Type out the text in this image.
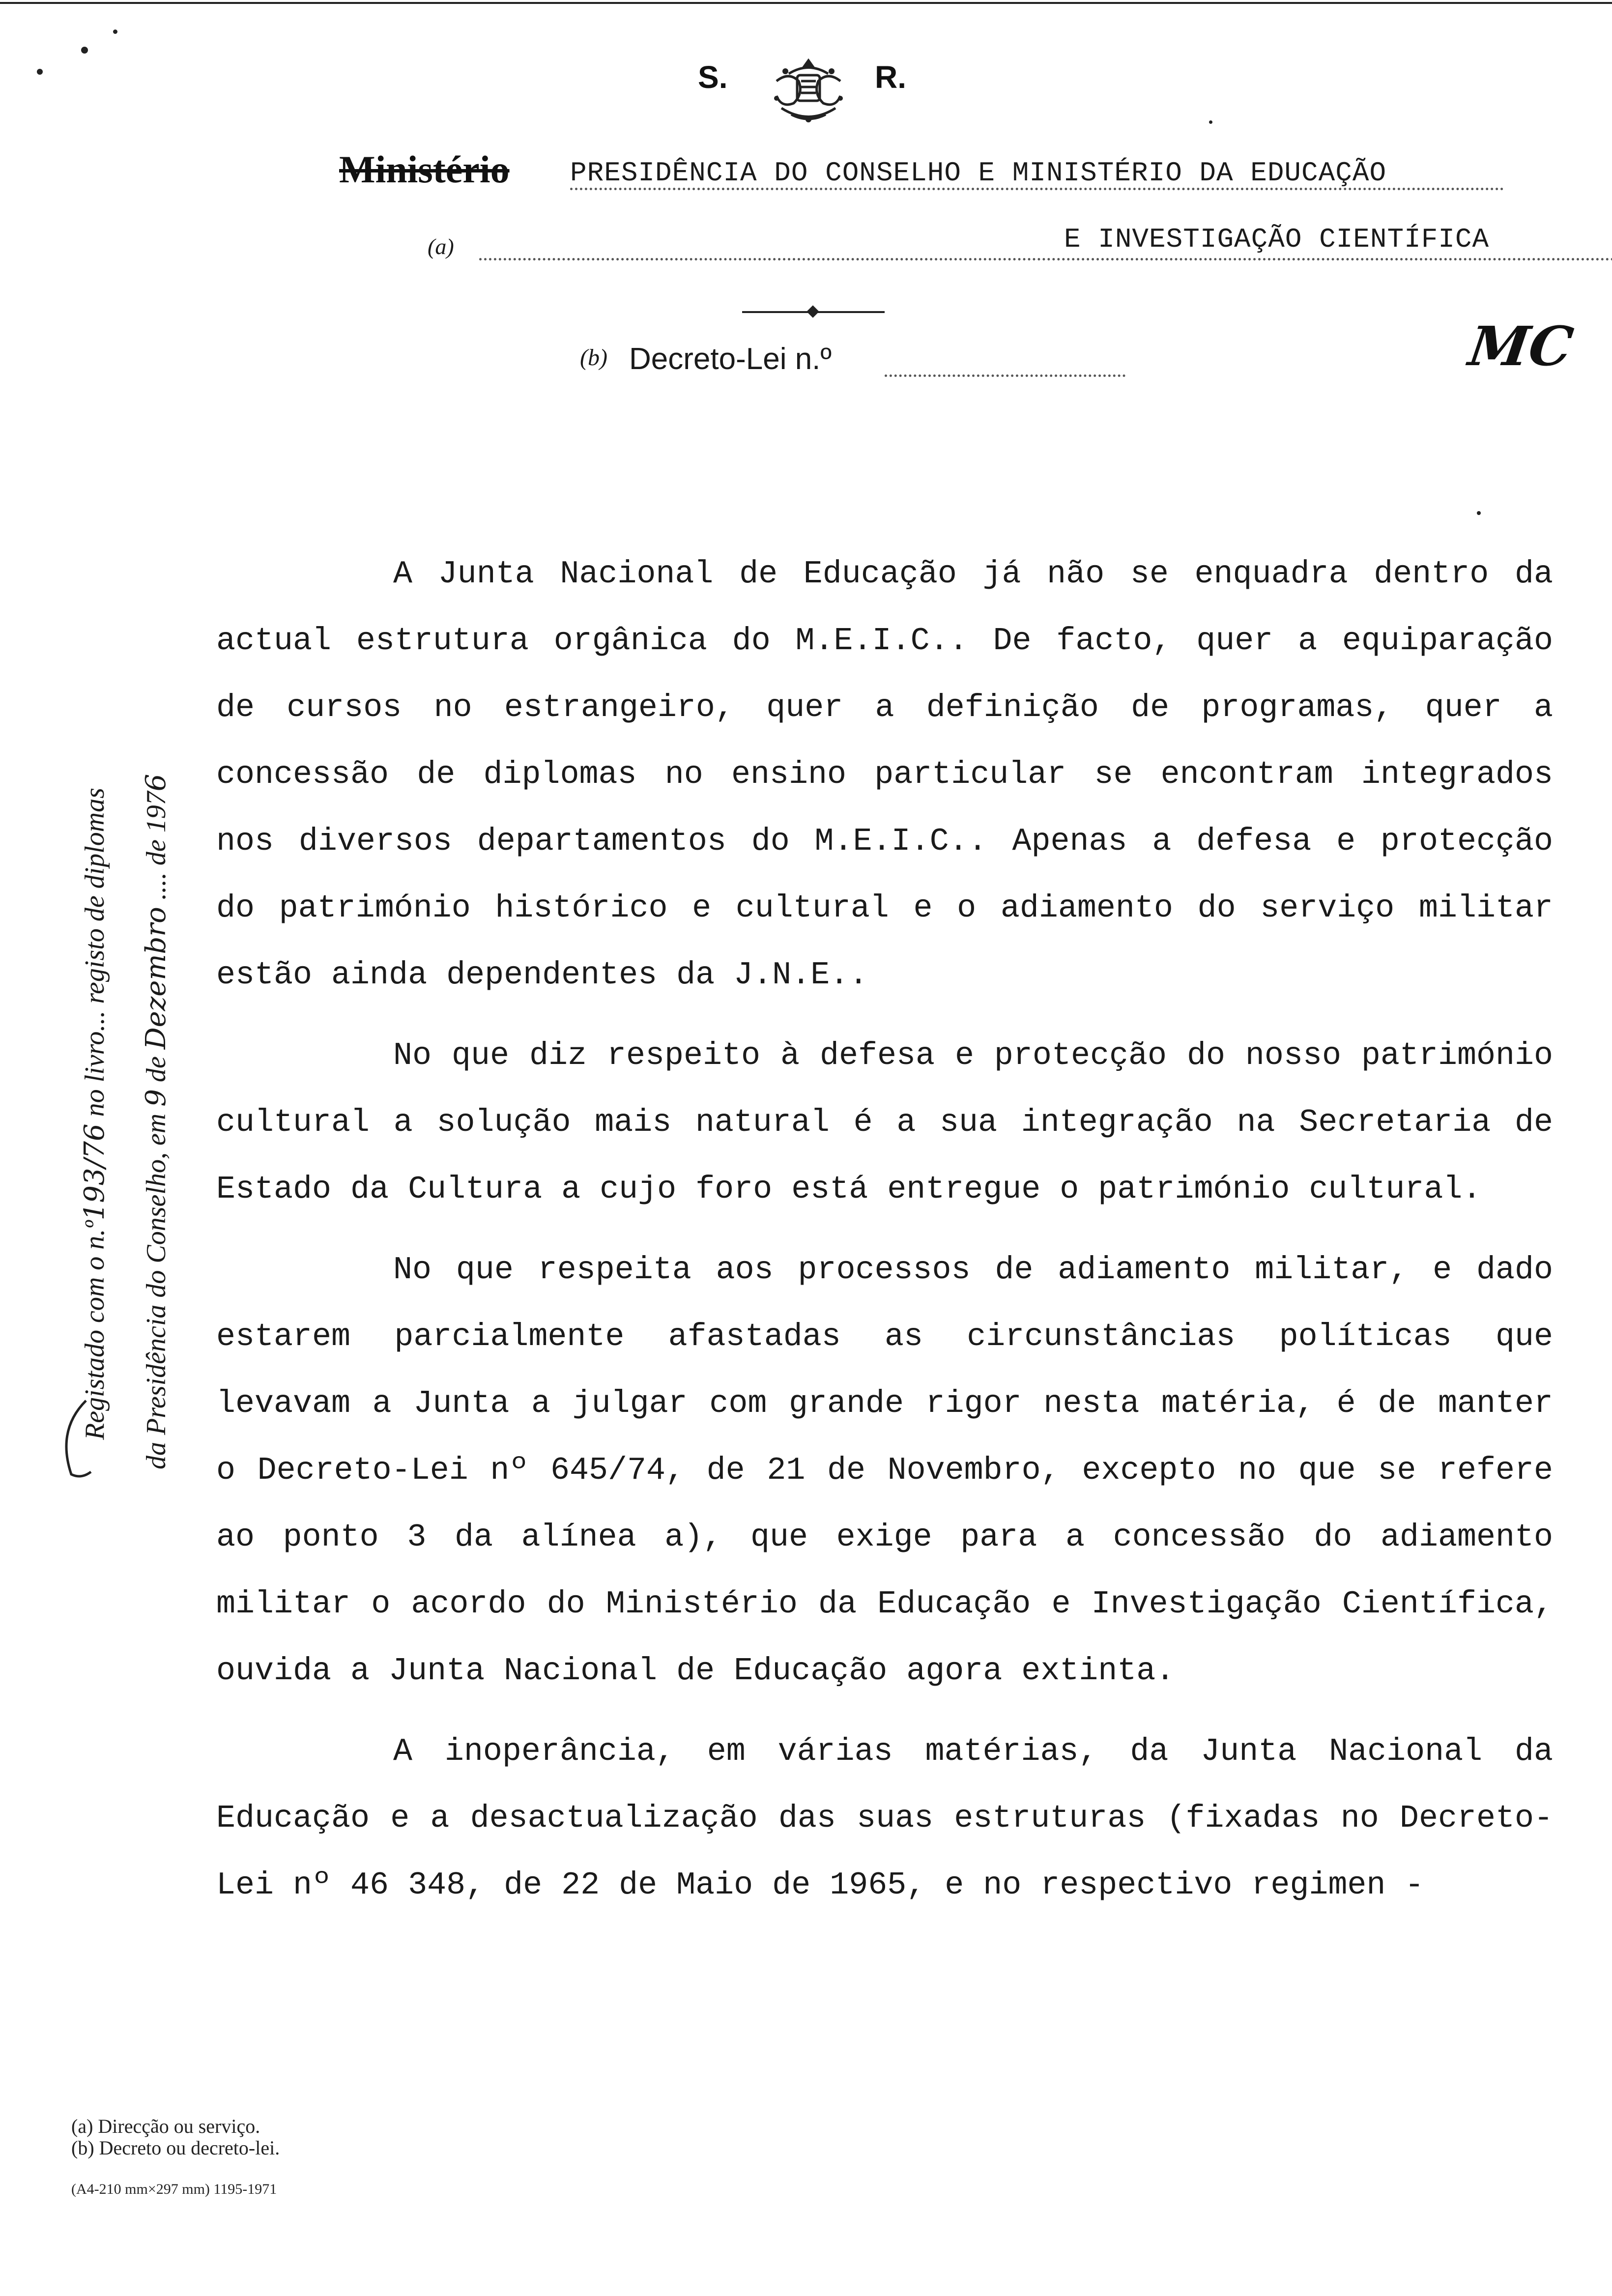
S.	R.
Ministério PRESIDÊNCIA DO CONSELHO E MINISTÉRIO DA EDUCAÇÃO
(a)	E INVESTIGAÇÃO CIENTÍFICA
(b) Decreto-Lei n.º	MC
Registado com o n.º193/76 no livro... registo de diplomas
da Presidência do Conselho, em 9 de Dezembro .... de 1976

A Junta Nacional de Educação já não se enquadra dentro da actual estrutura orgânica do M.E.I.C.. De facto, quer a equiparação de cursos no estrangeiro, quer a definição de programas, quer a concessão de diplomas no ensino particular se encontram integrados nos diversos departamentos do M.E.I.C.. Apenas a defesa e protecção do património histórico e cultural e o adiamento do serviço militar estão ainda dependentes da J.N.E..

No que diz respeito à defesa e protecção do nosso património cultural a solução mais natural é a sua integração na Secretaria de Estado da Cultura a cujo foro está entregue o património cultural.

No que respeita aos processos de adiamento militar, e dado estarem parcialmente afastadas as circunstâncias políticas que levavam a Junta a julgar com grande rigor nesta matéria, é de manter o Decreto-Lei nº 645/74, de 21 de Novembro, excepto no que se refere ao ponto 3 da alínea a), que exige para a concessão do adiamento militar o acordo do Ministério da Educação e Investigação Científica, ouvida a Junta Nacional de Educação agora extinta.

A inoperância, em várias matérias, da Junta Nacional da Educação e a desactualização das suas estruturas (fixadas no Decreto-Lei nº 46 348, de 22 de Maio de 1965, e no respectivo regimen -

(a) Direcção ou serviço.
(b) Decreto ou decreto-lei.
(A4-210 mm×297 mm) 1195-1971
